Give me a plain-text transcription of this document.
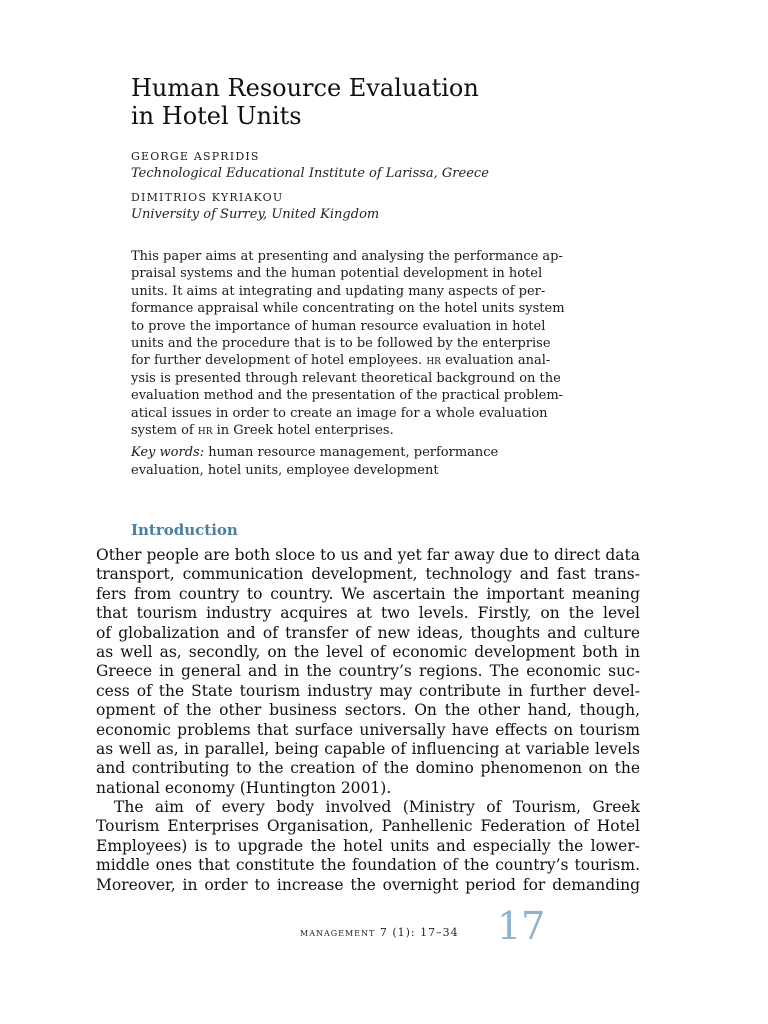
Human Resource Evaluation
in Hotel Units
GEORGE ASPRIDIS
Technological Educational Institute of Larissa, Greece
DIMITRIOS KYRIAKOU
University of Surrey, United Kingdom
This paper aims at presenting and analysing the performance ap-
praisal systems and the human potential development in hotel
units. It aims at integrating and updating many aspects of per-
formance appraisal while concentrating on the hotel units system
to prove the importance of human resource evaluation in hotel
units and the procedure that is to be followed by the enterprise
for further development of hotel employees. hr evaluation anal-
ysis is presented through relevant theoretical background on the
evaluation method and the presentation of the practical problem-
atical issues in order to create an image for a whole evaluation
system of hr in Greek hotel enterprises.
Key words: human resource management, performance
evaluation, hotel units, employee development
Introduction
Other people are both sloce to us and yet far away due to direct data
transport, communication development, technology and fast trans-
fers from country to country. We ascertain the important meaning
that tourism industry acquires at two levels. Firstly, on the level
of globalization and of transfer of new ideas, thoughts and culture
as well as, secondly, on the level of economic development both in
Greece in general and in the country’s regions. The economic suc-
cess of the State tourism industry may contribute in further devel-
opment of the other business sectors. On the other hand, though,
economic problems that surface universally have effects on tourism
as well as, in parallel, being capable of influencing at variable levels
and contributing to the creation of the domino phenomenon on the
national economy (Huntington 2001).
The aim of every body involved (Ministry of Tourism, Greek
Tourism Enterprises Organisation, Panhellenic Federation of Hotel
Employees) is to upgrade the hotel units and especially the lower-
middle ones that constitute the foundation of the country’s tourism.
Moreover, in order to increase the overnight period for demanding
management 7 (1): 17–34 17
